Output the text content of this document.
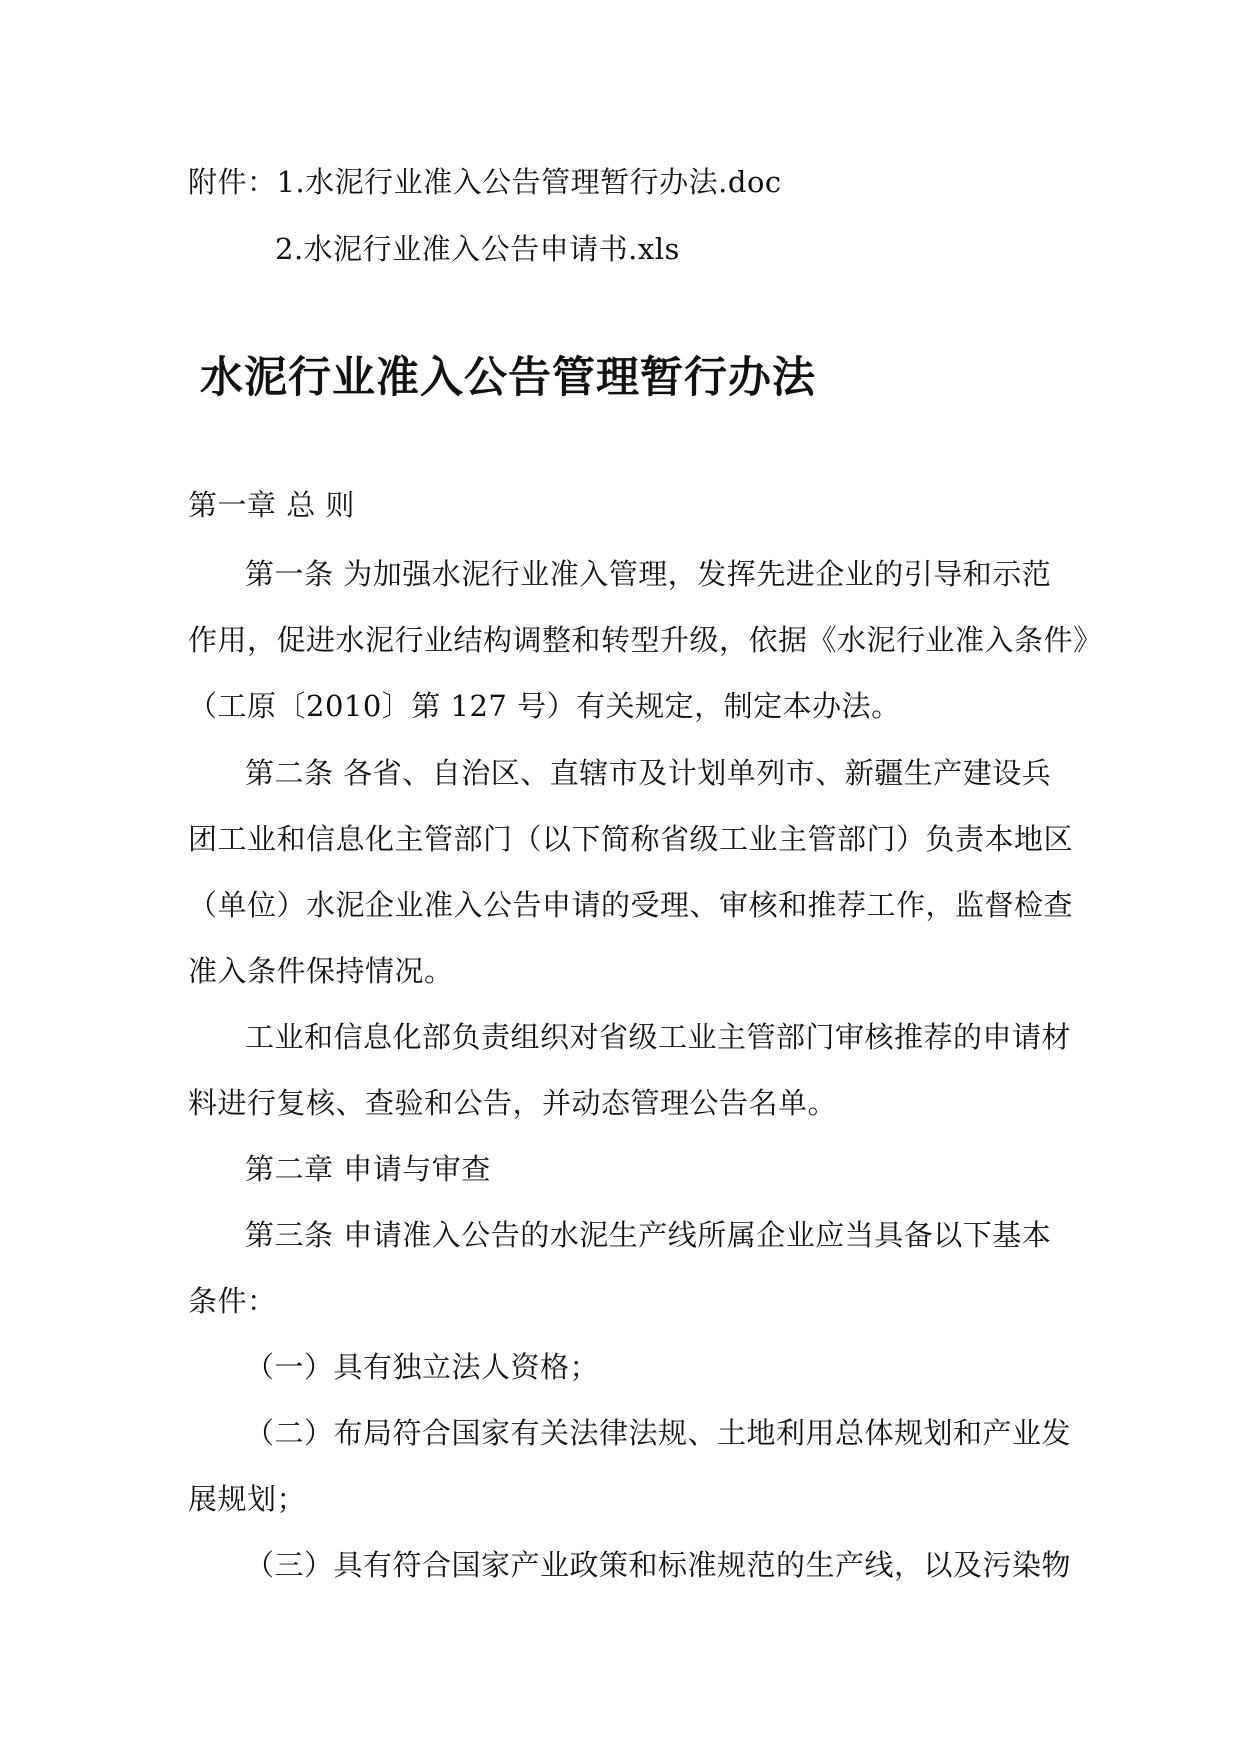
附件：1.水泥行业准入公告管理暂行办法.doc
2.水泥行业准入公告申请书.xls
水泥行业准入公告管理暂行办法
第一章 总 则
第一条 为加强水泥行业准入管理，发挥先进企业的引导和示范
作用，促进水泥行业结构调整和转型升级，依据《水泥行业准入条件》
（工原〔2010〕第 127 号）有关规定，制定本办法。
第二条 各省、自治区、直辖市及计划单列市、新疆生产建设兵
团工业和信息化主管部门（以下简称省级工业主管部门）负责本地区
（单位）水泥企业准入公告申请的受理、审核和推荐工作，监督检查
准入条件保持情况。
工业和信息化部负责组织对省级工业主管部门审核推荐的申请材
料进行复核、查验和公告，并动态管理公告名单。
第二章 申请与审查
第三条 申请准入公告的水泥生产线所属企业应当具备以下基本
条件：
（一）具有独立法人资格；
（二）布局符合国家有关法律法规、土地利用总体规划和产业发
展规划；
（三）具有符合国家产业政策和标准规范的生产线，以及污染物
